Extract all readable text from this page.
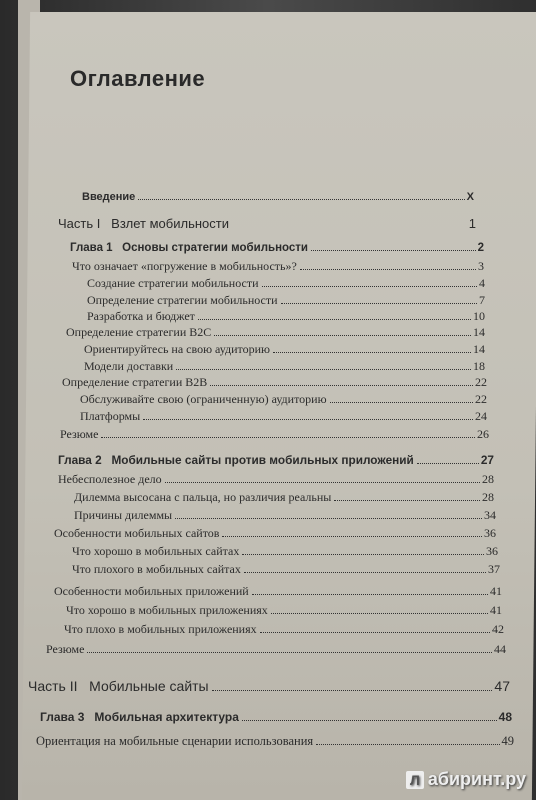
Оглавление
Введение	X
Часть I   Взлет мобильности	1
Глава 1   Основы стратегии мобильности	2
Что означает «погружение в мобильность»?	3
Создание стратегии мобильности	4
Определение стратегии мобильности	7
Разработка и бюджет	10
Определение стратегии B2C	14
Ориентируйтесь на свою аудиторию	14
Модели доставки	18
Определение стратегии B2B	22
Обслуживайте свою (ограниченную) аудиторию	22
Платформы	24
Резюме	26
Глава 2   Мобильные сайты против мобильных приложений	27
Небесполезное дело	28
Дилемма высосана с пальца, но различия реальны	28
Причины дилеммы	34
Особенности мобильных сайтов	36
Что хорошо в мобильных сайтах	36
Что плохого в мобильных сайтах	37
Особенности мобильных приложений	41
Что хорошо в мобильных приложениях	41
Что плохо в мобильных приложениях	42
Резюме	44
Часть II   Мобильные сайты	47
Глава 3   Мобильная архитектура	48
Ориентация на мобильные сценарии использования	49
Л абиринт.ру
